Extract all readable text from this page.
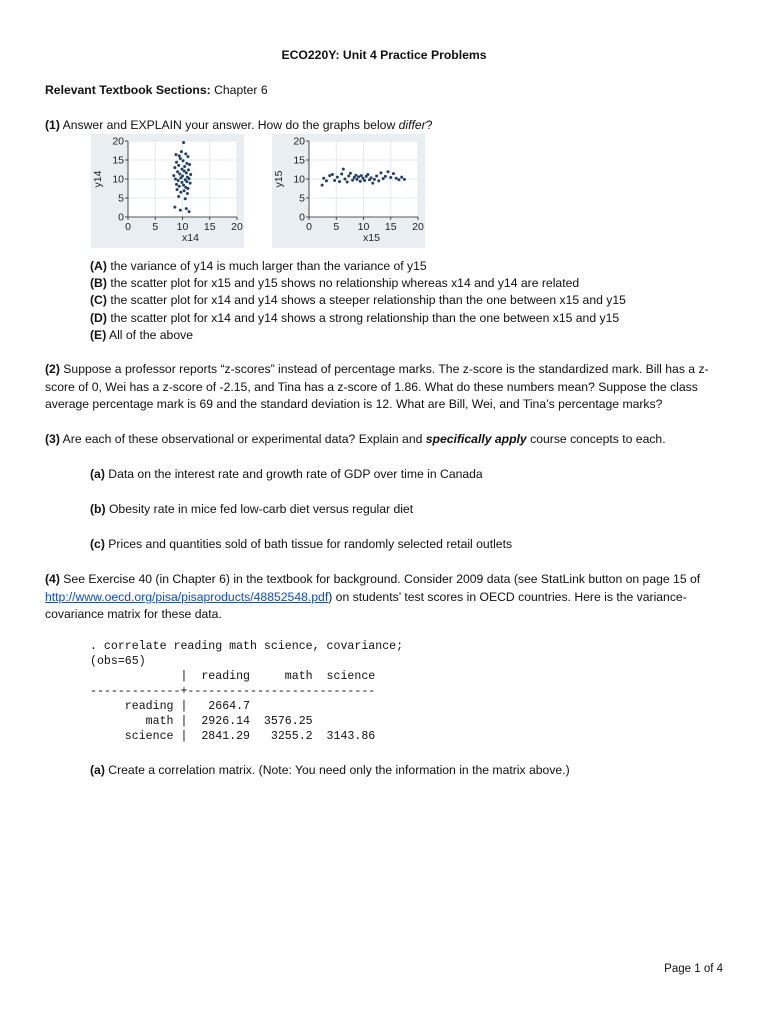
ECO220Y: Unit 4 Practice Problems
Relevant Textbook Sections: Chapter 6
(1) Answer and EXPLAIN your answer. How do the graphs below differ?
0 5 10 15 20
0
5
10
15
20
x14
y14
0 5 10 15 20
0
5
10
15
20
x15
y15
(A) the variance of y14 is much larger than the variance of y15
(B) the scatter plot for x15 and y15 shows no relationship whereas x14 and y14 are related
(C) the scatter plot for x14 and y14 shows a steeper relationship than the one between x15 and y15
(D) the scatter plot for x14 and y14 shows a strong relationship than the one between x15 and y15
(E) All of the above
(2) Suppose a professor reports “z-scores” instead of percentage marks. The z-score is the standardized mark. Bill has a z-score of 0, Wei has a z-score of -2.15, and Tina has a z-score of 1.86. What do these numbers mean? Suppose the class average percentage mark is 69 and the standard deviation is 12. What are Bill, Wei, and Tina’s percentage marks?
(3) Are each of these observational or experimental data? Explain and specifically apply course concepts to each.
(a) Data on the interest rate and growth rate of GDP over time in Canada
(b) Obesity rate in mice fed low-carb diet versus regular diet
(c) Prices and quantities sold of bath tissue for randomly selected retail outlets
(4) See Exercise 40 (in Chapter 6) in the textbook for background. Consider 2009 data (see StatLink button on page 15 of http://www.oecd.org/pisa/pisaproducts/48852548.pdf) on students’ test scores in OECD countries. Here is the variance-covariance matrix for these data.
. correlate reading math science, covariance;
(obs=65)
|  reading     math  science
-------------+---------------------------
reading |   2664.7
math |  2926.14  3576.25
science |  2841.29   3255.2  3143.86
(a) Create a correlation matrix. (Note: You need only the information in the matrix above.)
Page 1 of 4
